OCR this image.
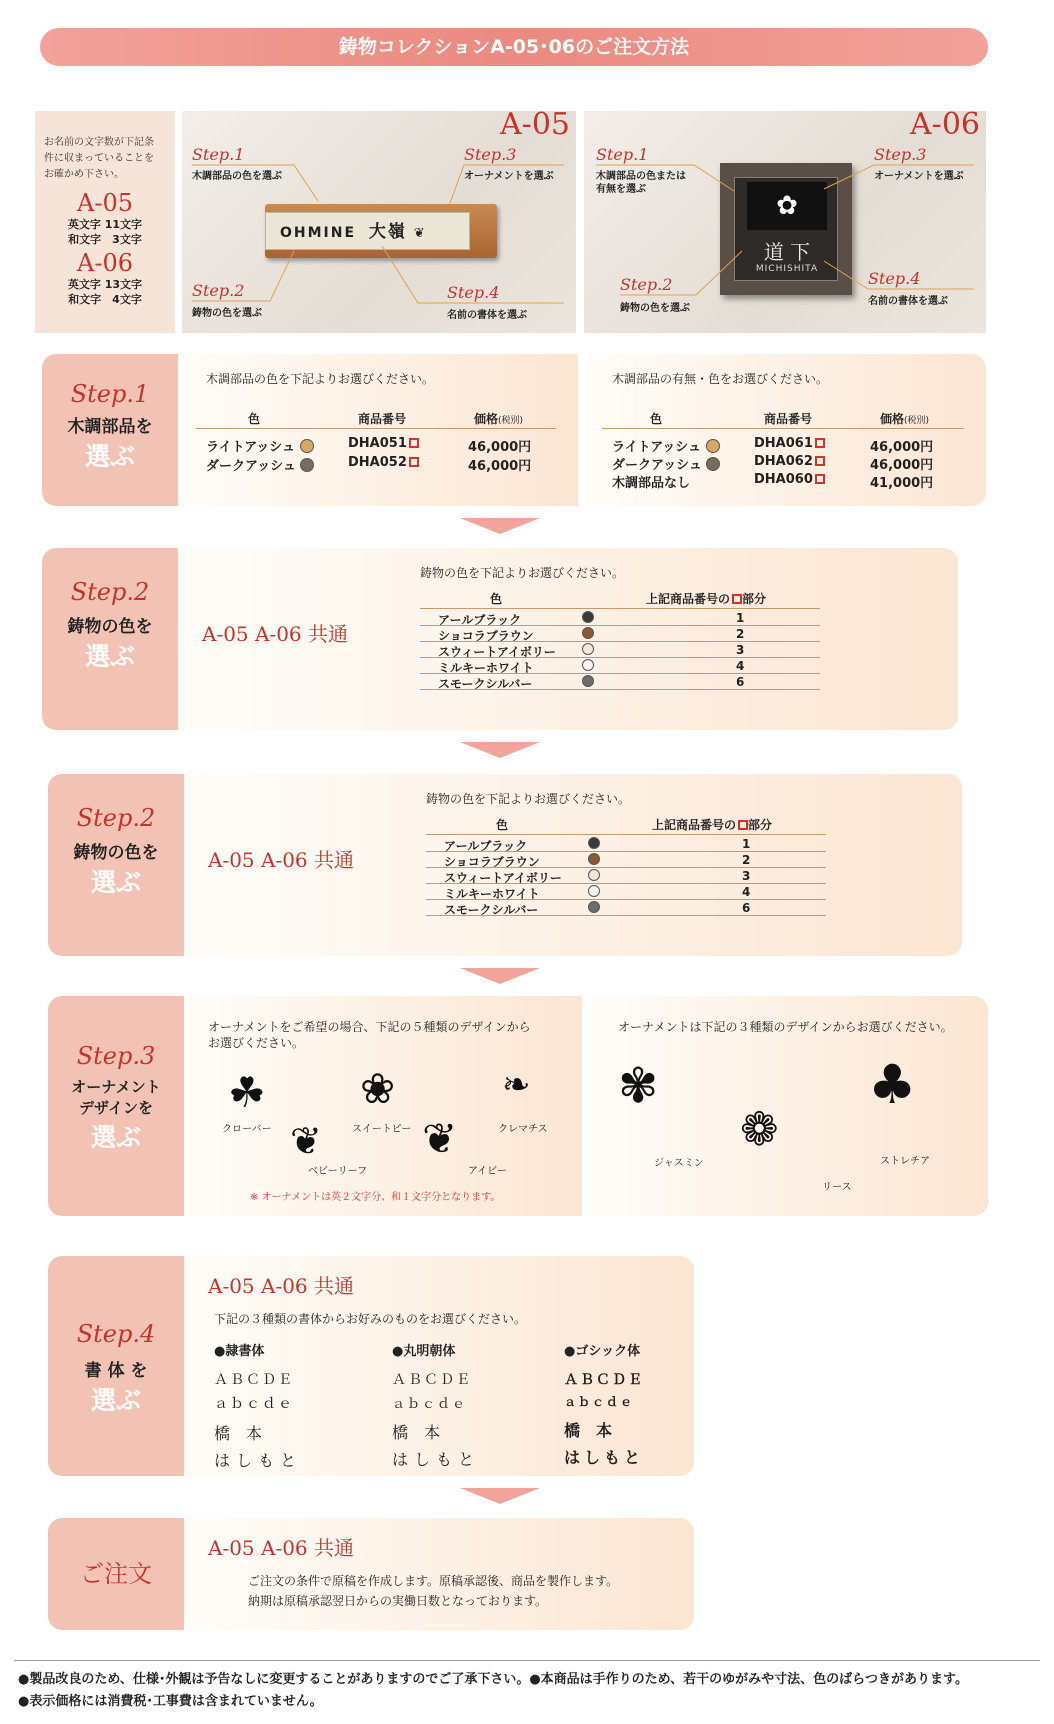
鋳物コレクションA-05･06のご注文方法
お名前の文字数が下記条
件に収まっていることを
お確かめ下さい。
A-05
英文字 11文字
和文字　3文字
A-06
英文字 13文字
和文字　4文字
A-05
OHMINE 大嶺 ❦
Step.1
木調部品の色を選ぶ
Step.3
オーナメントを選ぶ
Step.2
鋳物の色を選ぶ
Step.4
名前の書体を選ぶ
A-06
✿
道 下
MICHISHITA
Step.1
木調部品の色または
有無を選ぶ
Step.3
オーナメントを選ぶ
Step.2
鋳物の色を選ぶ
Step.4
名前の書体を選ぶ
Step.1
木調部品を
選ぶ
木調部品の色を下記よりお選びください。
色	商品番号	価格(税別)
ライトアッシュ	DHA051	46,000円
ダークアッシュ	DHA052	46,000円
木調部品の有無・色をお選びください。
色	商品番号	価格(税別)
ライトアッシュ	DHA061	46,000円
ダークアッシュ	DHA062	46,000円
木調部品なし	DHA060	41,000円
Step.2
鋳物の色を
選ぶ
A-05 A-06 共通
鋳物の色を下記よりお選びください。
色	上記商品番号の 部分
アールブラック	1
ショコラブラウン	2
スウィートアイボリー	3
ミルキーホワイト	4
スモークシルバー	6
Step.2
鋳物の色を
選ぶ
A-05 A-06 共通
鋳物の色を下記よりお選びください。
色	上記商品番号の 部分
アールブラック	1
ショコラブラウン	2
スウィートアイボリー	3
ミルキーホワイト	4
スモークシルバー	6
Step.3
オーナメント
デザインを
選ぶ
オーナメントをご希望の場合、下記の５種類のデザインから
お選びください。
☘
クローバー
❀
スイートピー
❧
クレマチス
❦
ベビーリーフ
❦
アイビー
※ オーナメントは英２文字分、和１文字分となります。
オーナメントは下記の３種類のデザインからお選びください。
✾
ジャスミン
❁
リース
♣
ストレチア
Step.4
書 体 を
選ぶ
A-05 A-06 共通
下記の３種類の書体からお好みのものをお選びください。
●隷書体
ＡＢＣＤＥ
ａｂｃｄｅ
橋　本
はしもと
●丸明朝体
ＡＢＣＤＥ
ａｂｃｄｅ
橋　本
はしもと
●ゴシック体
ＡＢＣＤＥ
ａｂｃｄｅ
橋　本
はしもと
ご注文
A-05 A-06 共通
ご注文の条件で原稿を作成します。原稿承認後、商品を製作します。
納期は原稿承認翌日からの実働日数となっております。
●製品改良のため、仕様･外観は予告なしに変更することがありますのでご了承下さい。●本商品は手作りのため、若干のゆがみや寸法、色のばらつきがあります。
●表示価格には消費税･工事費は含まれていません。
